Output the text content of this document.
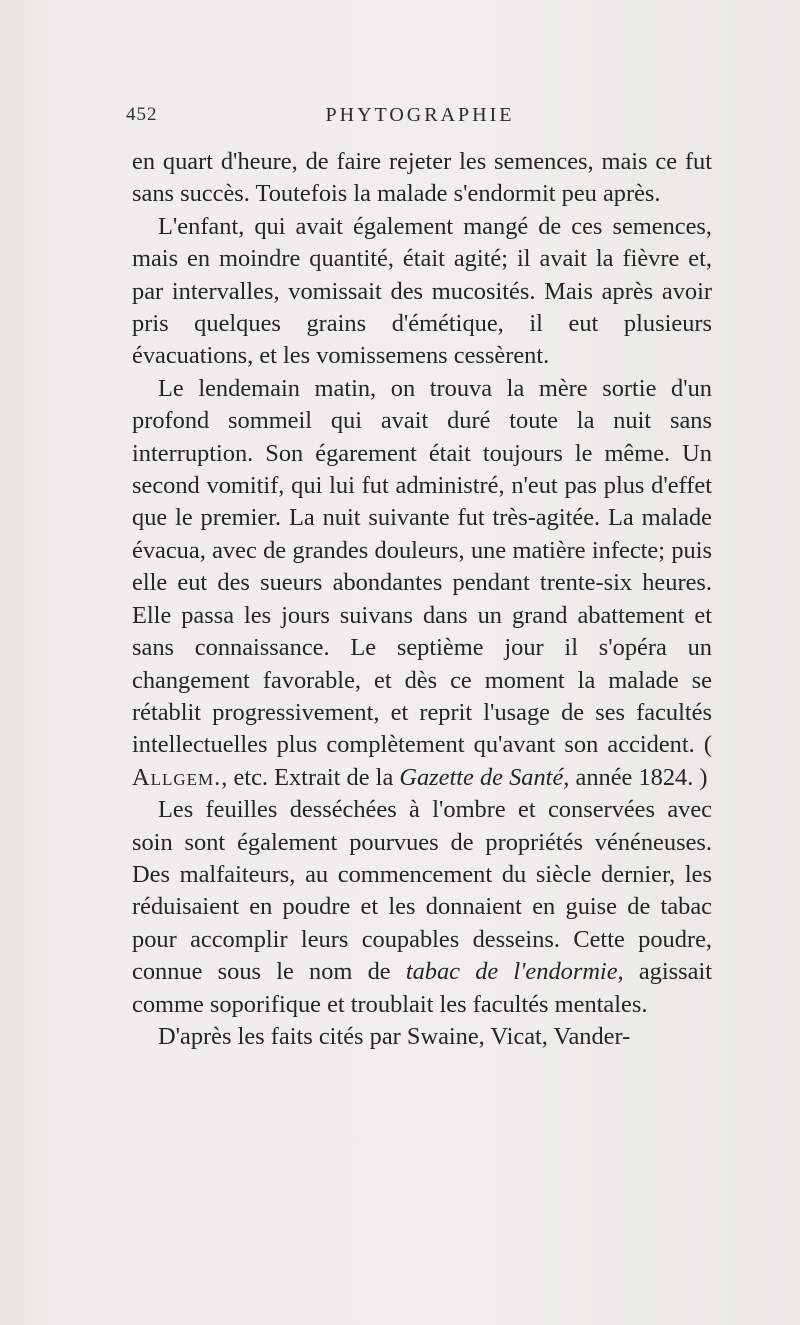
452	PHYTOGRAPHIE

en quart d'heure, de faire rejeter les semences, mais ce fut sans succès. Toutefois la malade s'endormit peu après.

L'enfant, qui avait également mangé de ces semences, mais en moindre quantité, était agité; il avait la fièvre et, par intervalles, vomissait des mucosités. Mais après avoir pris quelques grains d'émétique, il eut plusieurs évacuations, et les vomissemens cessèrent.

Le lendemain matin, on trouva la mère sortie d'un profond sommeil qui avait duré toute la nuit sans interruption. Son égarement était toujours le même. Un second vomitif, qui lui fut administré, n'eut pas plus d'effet que le premier. La nuit suivante fut très-agitée. La malade évacua, avec de grandes douleurs, une matière infecte; puis elle eut des sueurs abondantes pendant trente-six heures. Elle passa les jours suivans dans un grand abattement et sans connaissance. Le septième jour il s'opéra un changement favorable, et dès ce moment la malade se rétablit progressivement, et reprit l'usage de ses facultés intellectuelles plus complètement qu'avant son accident. ( Allgem., etc. Extrait de la Gazette de Santé, année 1824. )

Les feuilles desséchées à l'ombre et conservées avec soin sont également pourvues de propriétés vénéneuses. Des malfaiteurs, au commencement du siècle dernier, les réduisaient en poudre et les donnaient en guise de tabac pour accomplir leurs coupables desseins. Cette poudre, connue sous le nom de tabac de l'endormie, agissait comme soporifique et troublait les facultés mentales.

D'après les faits cités par Swaine, Vicat, Vander-
